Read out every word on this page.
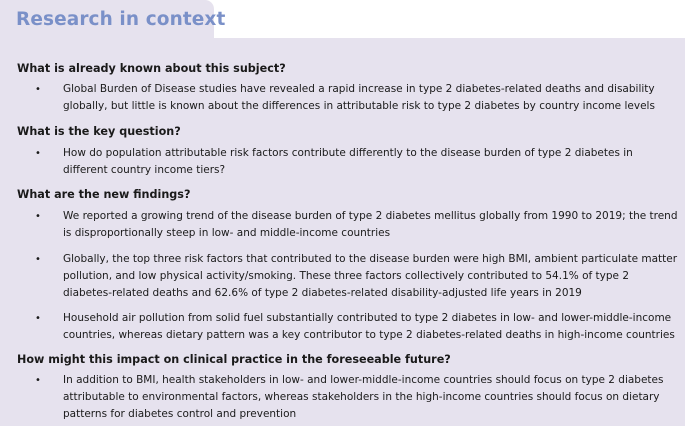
Research in context
What is already known about this subject?
• Global Burden of Disease studies have revealed a rapid increase in type 2 diabetes-related deaths and disability globally, but little is known about the differences in attributable risk to type 2 diabetes by country income levels
What is the key question?
• How do population attributable risk factors contribute differently to the disease burden of type 2 diabetes in different country income tiers?
What are the new findings?
• We reported a growing trend of the disease burden of type 2 diabetes mellitus globally from 1990 to 2019; the trend is disproportionally steep in low- and middle-income countries
• Globally, the top three risk factors that contributed to the disease burden were high BMI, ambient particulate matter pollution, and low physical activity/smoking. These three factors collectively contributed to 54.1% of type 2 diabetes-related deaths and 62.6% of type 2 diabetes-related disability-adjusted life years in 2019
• Household air pollution from solid fuel substantially contributed to type 2 diabetes in low- and lower-middle-income countries, whereas dietary pattern was a key contributor to type 2 diabetes-related deaths in high-income countries
How might this impact on clinical practice in the foreseeable future?
• In addition to BMI, health stakeholders in low- and lower-middle-income countries should focus on type 2 diabetes attributable to environmental factors, whereas stakeholders in the high-income countries should focus on dietary patterns for diabetes control and prevention
